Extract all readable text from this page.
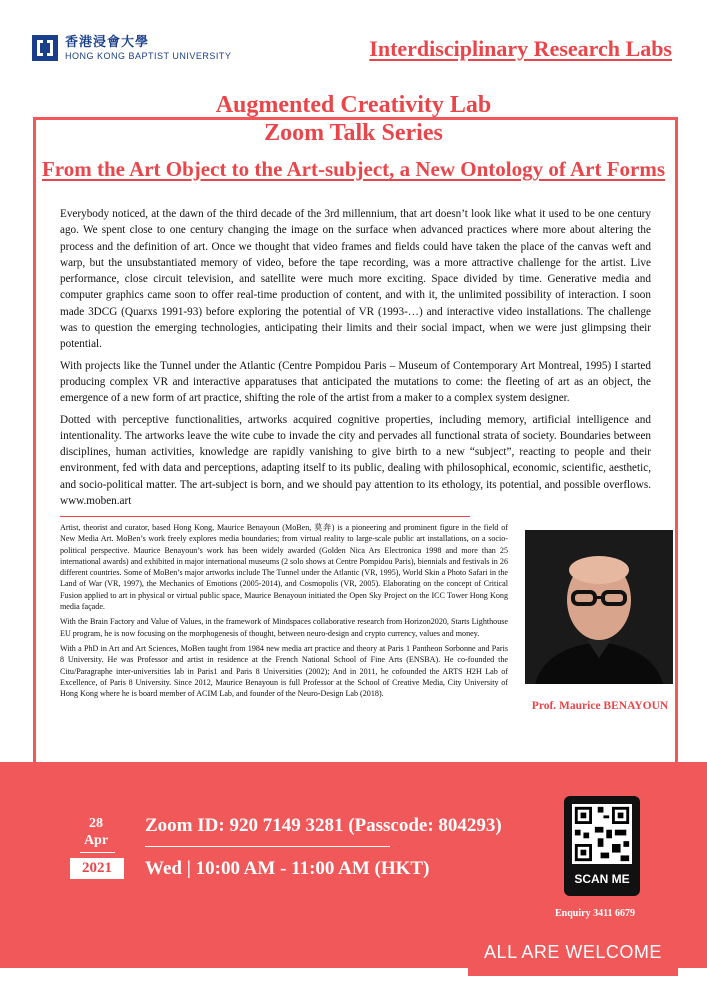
香港浸會大學
HONG KONG BAPTIST UNIVERSITY	Interdisciplinary Research Labs
Augmented Creativity Lab
Zoom Talk Series
From the Art Object to the Art-subject, a New Ontology of Art Forms

Everybody noticed, at the dawn of the third decade of the 3rd millennium, that art doesn’t look like what it used to be one century ago. We spent close to one century changing the image on the surface when advanced practices where more about altering the process and the definition of art. Once we thought that video frames and fields could have taken the place of the canvas weft and warp, but the unsubstantiated memory of video, before the tape recording, was a more attractive challenge for the artist. Live performance, close circuit television, and satellite were much more exciting. Space divided by time. Generative media and computer graphics came soon to offer real-time production of content, and with it, the unlimited possibility of interaction. I soon made 3DCG (Quarxs 1991-93) before exploring the potential of VR (1993-…) and interactive video installations. The challenge was to question the emerging technologies, anticipating their limits and their social impact, when we were just glimpsing their potential.

With projects like the Tunnel under the Atlantic (Centre Pompidou Paris – Museum of Contemporary Art Montreal, 1995) I started producing complex VR and interactive apparatuses that anticipated the mutations to come: the fleeting of art as an object, the emergence of a new form of art practice, shifting the role of the artist from a maker to a complex system designer.

Dotted with perceptive functionalities, artworks acquired cognitive properties, including memory, artificial intelligence and intentionality. The artworks leave the wite cube to invade the city and pervades all functional strata of society. Boundaries between disciplines, human activities, knowledge are rapidly vanishing to give birth to a new “subject”, reacting to people and their environment, fed with data and perceptions, adapting itself to its public, dealing with philosophical, economic, scientific, aesthetic, and socio-political matter. The art-subject is born, and we should pay attention to its ethology, its potential, and possible overflows. www.moben.art

Artist, theorist and curator, based Hong Kong, Maurice Benayoun (MoBen, 莫奔) is a pioneering and prominent figure in the field of New Media Art. MoBen’s work freely explores media boundaries; from virtual reality to large-scale public art installations, on a socio-political perspective. Maurice Benayoun’s work has been widely awarded (Golden Nica Ars Electronica 1998 and more than 25 international awards) and exhibited in major international museums (2 solo shows at Centre Pompidou Paris), biennials and festivals in 26 different countries. Some of MoBen’s major artworks include The Tunnel under the Atlantic (VR, 1995), World Skin a Photo Safari in the Land of War (VR, 1997), the Mechanics of Emotions (2005-2014), and Cosmopolis (VR, 2005). Elaborating on the concept of Critical Fusion applied to art in physical or virtual public space, Maurice Benayoun initiated the Open Sky Project on the ICC Tower Hong Kong media façade.

With the Brain Factory and Value of Values, in the framework of Mindspaces collaborative research from Horizon2020, Starts Lighthouse EU program, he is now focusing on the morphogenesis of thought, between neuro-design and crypto currency, values and money.

With a PhD in Art and Art Sciences, MoBen taught from 1984 new media art practice and theory at Paris 1 Pantheon Sorbonne and Paris 8 University. He was Professor and artist in residence at the French National School of Fine Arts (ENSBA). He co-founded the Citu/Paragraphe inter-universities lab in Paris1 and Paris 8 Universities (2002); And in 2011, he cofounded the ARTS H2H Lab of Excellence, of Paris 8 University. Since 2012, Maurice Benayoun is full Professor at the School of Creative Media, City University of Hong Kong where he is board member of ACIM Lab, and founder of the Neuro-Design Lab (2018).

Prof. Maurice BENAYOUN
28
Apr
2021
Zoom ID: 920 7149 3281 (Passcode: 804293)
Wed | 10:00 AM - 11:00 AM (HKT)	SCAN ME
Enquiry 3411 6679
ALL ARE WELCOME
